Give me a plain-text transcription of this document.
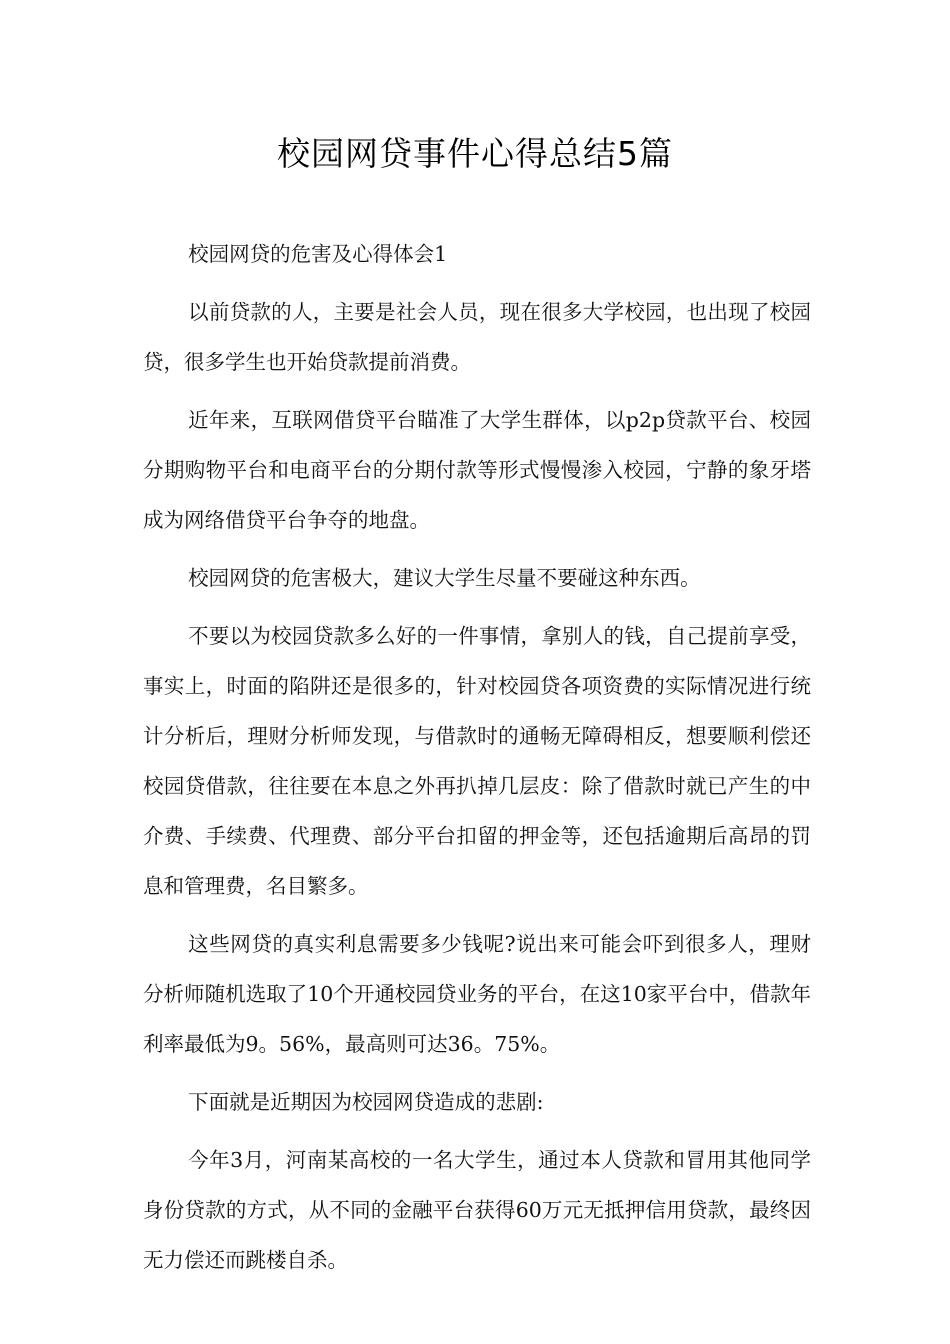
校园网贷事件心得总结5篇

校园网贷的危害及心得体会1

以前贷款的人，主要是社会人员，现在很多大学校园，也出现了校园贷，很多学生也开始贷款提前消费。

近年来，互联网借贷平台瞄准了大学生群体，以p2p贷款平台、校园分期购物平台和电商平台的分期付款等形式慢慢渗入校园，宁静的象牙塔成为网络借贷平台争夺的地盘。

校园网贷的危害极大，建议大学生尽量不要碰这种东西。

不要以为校园贷款多么好的一件事情，拿别人的钱，自己提前享受，事实上，时面的陷阱还是很多的，针对校园贷各项资费的实际情况进行统计分析后，理财分析师发现，与借款时的通畅无障碍相反，想要顺利偿还校园贷借款，往往要在本息之外再扒掉几层皮：除了借款时就已产生的中介费、手续费、代理费、部分平台扣留的押金等，还包括逾期后高昂的罚息和管理费，名目繁多。

这些网贷的真实利息需要多少钱呢?说出来可能会吓到很多人，理财分析师随机选取了10个开通校园贷业务的平台，在这10家平台中，借款年利率最低为9。56%，最高则可达36。75%。

下面就是近期因为校园网贷造成的悲剧:

今年3月，河南某高校的一名大学生，通过本人贷款和冒用其他同学身份贷款的方式，从不同的金融平台获得60万元无抵押信用贷款，最终因无力偿还而跳楼自杀。
